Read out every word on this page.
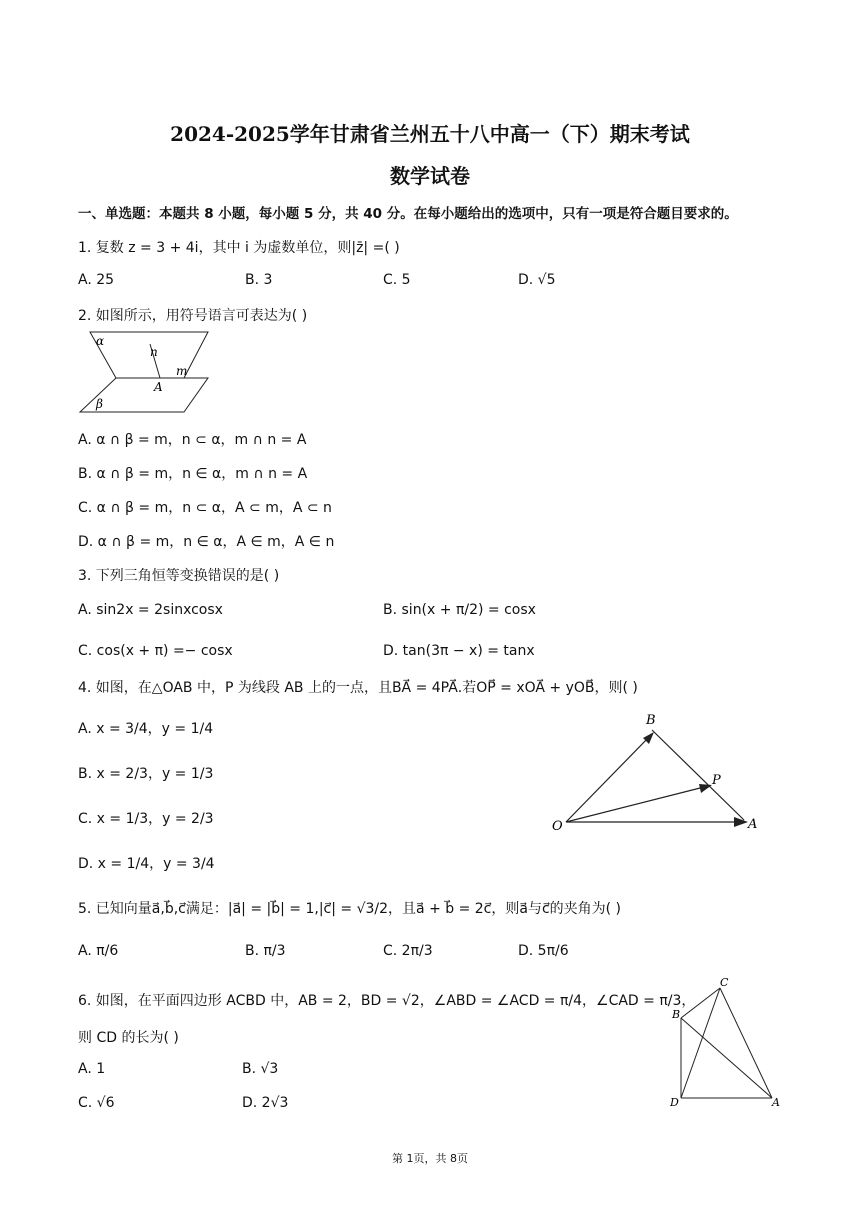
2024-2025学年甘肃省兰州五十八中高一（下）期末考试
数学试卷
一、单选题：本题共 8 小题，每小题 5 分，共 40 分。在每小题给出的选项中，只有一项是符合题目要求的。
1. 复数 z = 3 + 4i，其中 i 为虚数单位，则|z̄| =( )
A. 25	B. 3	C. 5	D. √5
2. 如图所示，用符号语言可表达为( )
α
β
n
m
A
A. α ∩ β = m，n ⊂ α，m ∩ n = A
B. α ∩ β = m，n ∈ α，m ∩ n = A
C. α ∩ β = m，n ⊂ α，A ⊂ m，A ⊂ n
D. α ∩ β = m，n ∈ α，A ∈ m，A ∈ n
3. 下列三角恒等变换错误的是( )
A. sin2x = 2sinxcosx	B. sin(x + π/2) = cosx
C. cos(x + π) =− cosx	D. tan(3π − x) = tanx
4. 如图，在△OAB 中，P 为线段 AB 上的一点，且BA⃗ = 4PA⃗.若OP⃗ = xOA⃗ + yOB⃗，则( )
A. x = 3/4，y = 1/4
B. x = 2/3，y = 1/3
C. x = 1/3，y = 2/3
D. x = 1/4，y = 3/4
O	A
B
P
5. 已知向量a⃗,b⃗,c⃗满足：|a⃗| = |b⃗| = 1,|c⃗| = √3/2，且a⃗ + b⃗ = 2c⃗，则a⃗与c⃗的夹角为( )
A. π/6	B. π/3	C. 2π/3	D. 5π/6
6. 如图，在平面四边形 ACBD 中，AB = 2，BD = √2，∠ABD = ∠ACD = π/4，∠CAD = π/3，
则 CD 的长为( )
A. 1	B. √3
C. √6	D. 2√3
B
C
D	A
第 1页，共 8页
